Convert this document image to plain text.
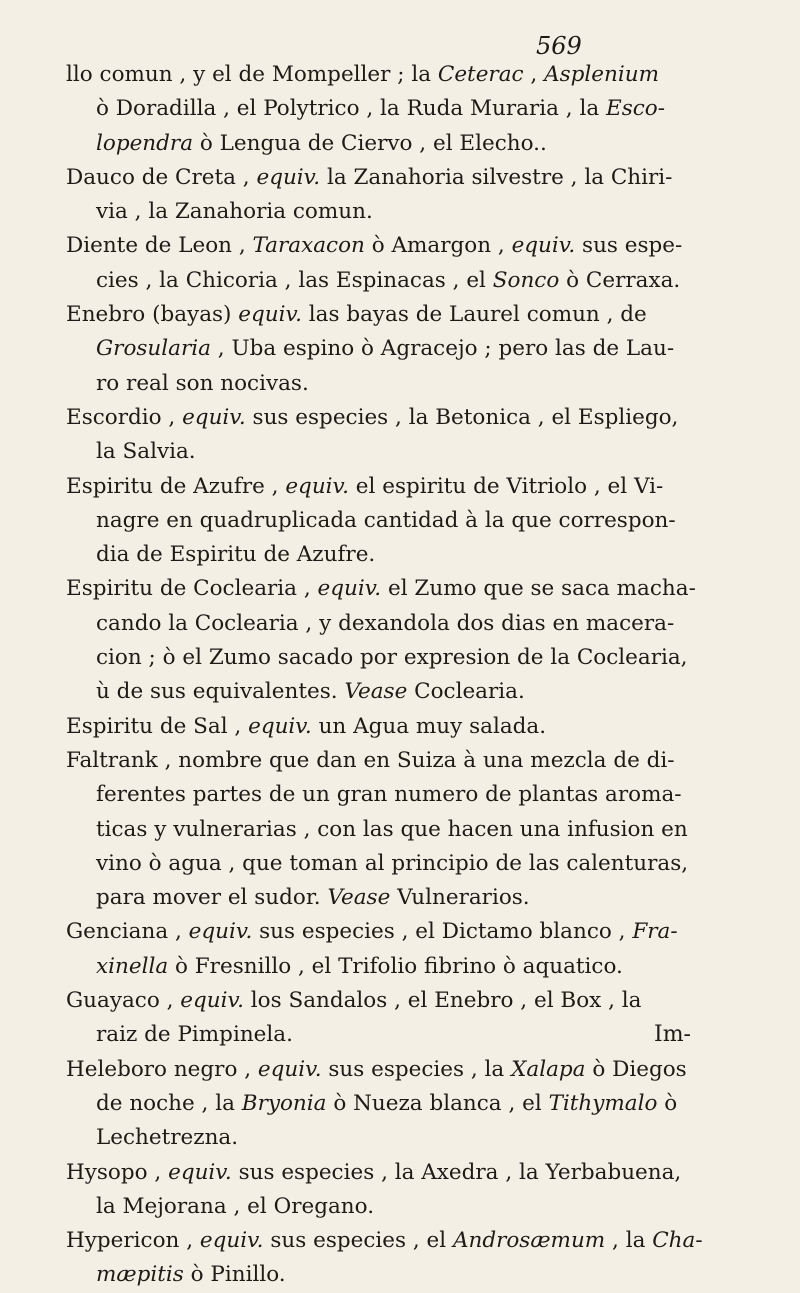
569
llo comun , y el de Mompeller ; la Ceterac , Asplenium
ò Doradilla , el Polytrico , la Ruda Muraria , la Esco-
lopendra ò Lengua de Ciervo , el Elecho..
Dauco de Creta , equiv. la Zanahoria silvestre , la Chiri-
via , la Zanahoria comun.
Diente de Leon , Taraxacon ò Amargon , equiv. sus espe-
cies , la Chicoria , las Espinacas , el Sonco ò Cerraxa.
Enebro (bayas) equiv. las bayas de Laurel comun , de
Grosularia , Uba espino ò Agracejo ; pero las de Lau-
ro real son nocivas.
Escordio , equiv. sus especies , la Betonica , el Espliego,
la Salvia.
Espiritu de Azufre , equiv. el espiritu de Vitriolo , el Vi-
nagre en quadruplicada cantidad à la que correspon-
dia de Espiritu de Azufre.
Espiritu de Coclearia , equiv. el Zumo que se saca macha-
cando la Coclearia , y dexandola dos dias en macera-
cion ; ò el Zumo sacado por expresion de la Coclearia,
ù de sus equivalentes. Vease Coclearia.
Espiritu de Sal , equiv. un Agua muy salada.
Faltrank , nombre que dan en Suiza à una mezcla de di-
ferentes partes de un gran numero de plantas aroma-
ticas y vulnerarias , con las que hacen una infusion en
vino ò agua , que toman al principio de las calenturas,
para mover el sudor. Vease Vulnerarios.
Genciana , equiv. sus especies , el Dictamo blanco , Fra-
xinella ò Fresnillo , el Trifolio fibrino ò aquatico.
Guayaco , equiv. los Sandalos , el Enebro , el Box , la
raiz de Pimpinela.
Heleboro negro , equiv. sus especies , la Xalapa ò Diegos
de noche , la Bryonia ò Nueza blanca , el Tithymalo ò
Lechetrezna.
Hysopo , equiv. sus especies , la Axedra , la Yerbabuena,
la Mejorana , el Oregano.
Hypericon , equiv. sus especies , el Androsæmum , la Cha-
mæpitis ò Pinillo.
Im-
